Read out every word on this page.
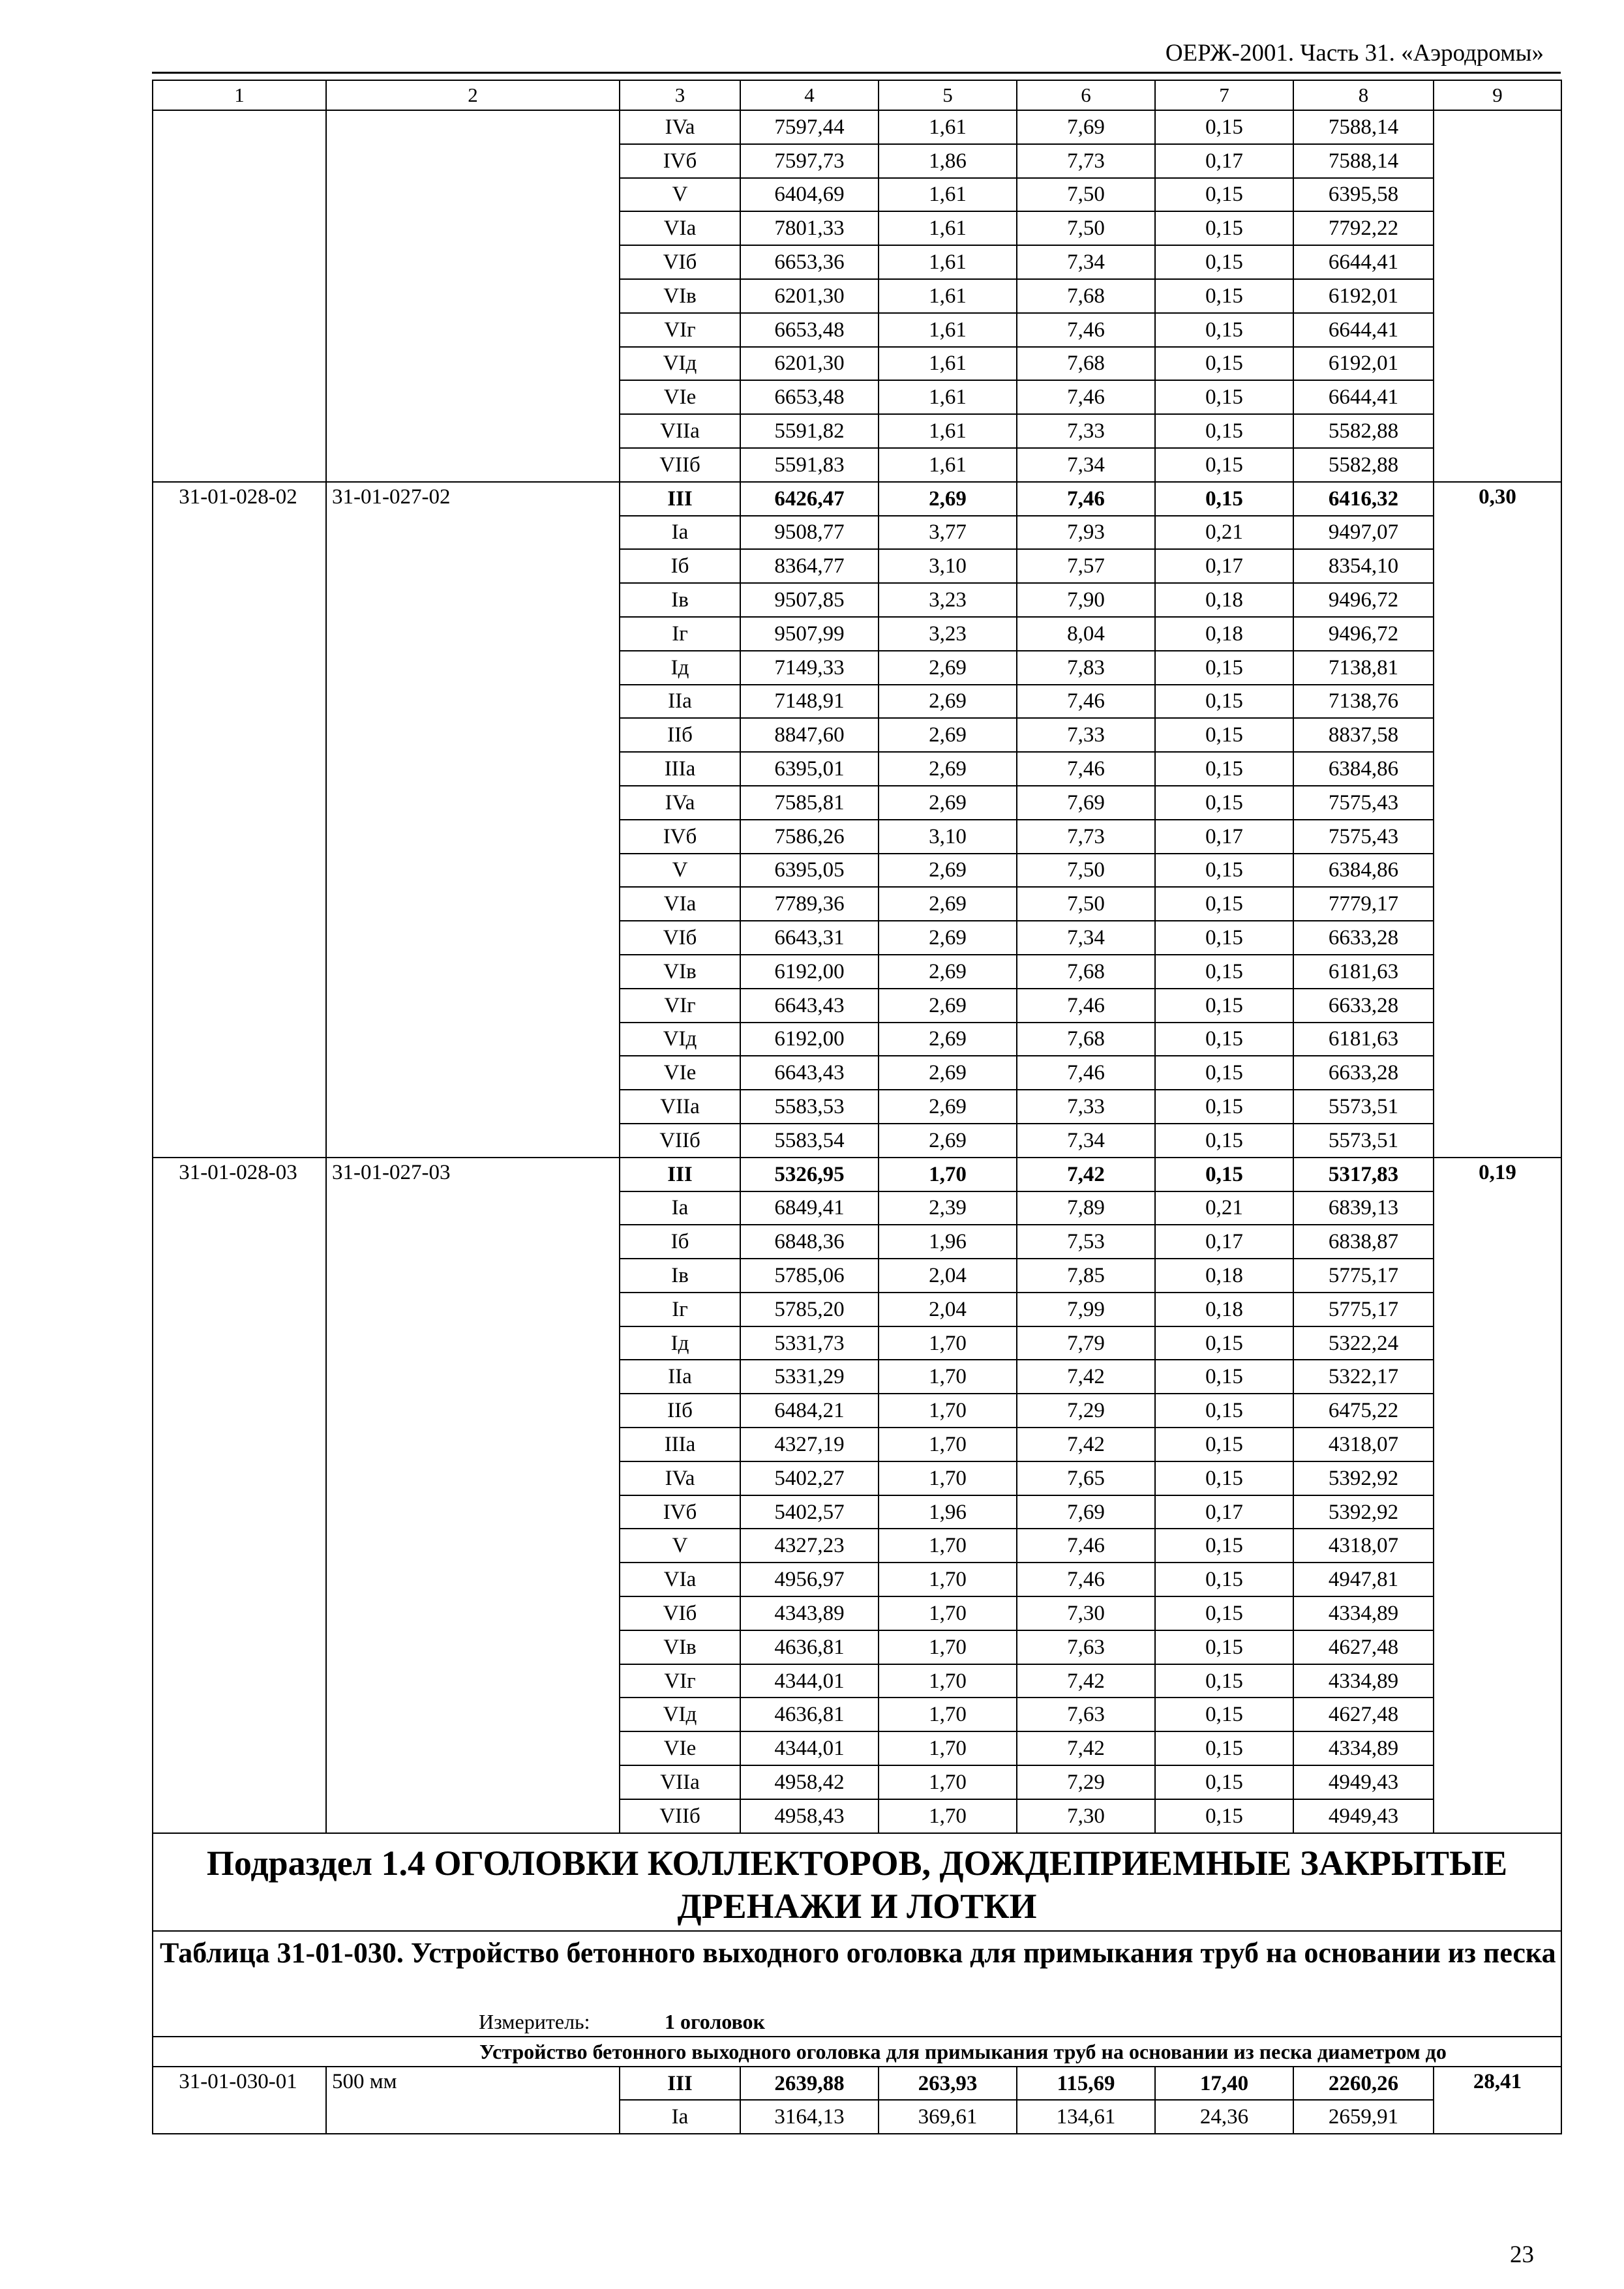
ОЕРЖ-2001. Часть 31. «Аэродромы»
1	2	3	4	5	6	7	8	9
		IVa	7597,44	1,61	7,69	0,15	7588,14	
		IVб	7597,73	1,86	7,73	0,17	7588,14	
		V	6404,69	1,61	7,50	0,15	6395,58	
		VIa	7801,33	1,61	7,50	0,15	7792,22	
		VIб	6653,36	1,61	7,34	0,15	6644,41	
		VIв	6201,30	1,61	7,68	0,15	6192,01	
		VIг	6653,48	1,61	7,46	0,15	6644,41	
		VIд	6201,30	1,61	7,68	0,15	6192,01	
		VIe	6653,48	1,61	7,46	0,15	6644,41	
		VIIa	5591,82	1,61	7,33	0,15	5582,88	
		VIIб	5591,83	1,61	7,34	0,15	5582,88	
31-01-028-02	31-01-027-02	III	6426,47	2,69	7,46	0,15	6416,32	0,30
		Ia	9508,77	3,77	7,93	0,21	9497,07	
		Iб	8364,77	3,10	7,57	0,17	8354,10	
		Iв	9507,85	3,23	7,90	0,18	9496,72	
		Iг	9507,99	3,23	8,04	0,18	9496,72	
		Iд	7149,33	2,69	7,83	0,15	7138,81	
		IIa	7148,91	2,69	7,46	0,15	7138,76	
		IIб	8847,60	2,69	7,33	0,15	8837,58	
		IIIa	6395,01	2,69	7,46	0,15	6384,86	
		IVa	7585,81	2,69	7,69	0,15	7575,43	
		IVб	7586,26	3,10	7,73	0,17	7575,43	
		V	6395,05	2,69	7,50	0,15	6384,86	
		VIa	7789,36	2,69	7,50	0,15	7779,17	
		VIб	6643,31	2,69	7,34	0,15	6633,28	
		VIв	6192,00	2,69	7,68	0,15	6181,63	
		VIг	6643,43	2,69	7,46	0,15	6633,28	
		VIд	6192,00	2,69	7,68	0,15	6181,63	
		VIe	6643,43	2,69	7,46	0,15	6633,28	
		VIIa	5583,53	2,69	7,33	0,15	5573,51	
		VIIб	5583,54	2,69	7,34	0,15	5573,51	
31-01-028-03	31-01-027-03	III	5326,95	1,70	7,42	0,15	5317,83	0,19
		Ia	6849,41	2,39	7,89	0,21	6839,13	
		Iб	6848,36	1,96	7,53	0,17	6838,87	
		Iв	5785,06	2,04	7,85	0,18	5775,17	
		Iг	5785,20	2,04	7,99	0,18	5775,17	
		Iд	5331,73	1,70	7,79	0,15	5322,24	
		IIa	5331,29	1,70	7,42	0,15	5322,17	
		IIб	6484,21	1,70	7,29	0,15	6475,22	
		IIIa	4327,19	1,70	7,42	0,15	4318,07	
		IVa	5402,27	1,70	7,65	0,15	5392,92	
		IVб	5402,57	1,96	7,69	0,17	5392,92	
		V	4327,23	1,70	7,46	0,15	4318,07	
		VIa	4956,97	1,70	7,46	0,15	4947,81	
		VIб	4343,89	1,70	7,30	0,15	4334,89	
		VIв	4636,81	1,70	7,63	0,15	4627,48	
		VIг	4344,01	1,70	7,42	0,15	4334,89	
		VIд	4636,81	1,70	7,63	0,15	4627,48	
		VIe	4344,01	1,70	7,42	0,15	4334,89	
		VIIa	4958,42	1,70	7,29	0,15	4949,43	
		VIIб	4958,43	1,70	7,30	0,15	4949,43	
Подраздел 1.4 ОГОЛОВКИ КОЛЛЕКТОРОВ, ДОЖДЕПРИЕМНЫЕ ЗАКРЫТЫЕ ДРЕНАЖИ И ЛОТКИ								
Таблица 31-01-030. Устройство бетонного выходного оголовка для примыкания труб на основании из песка								
Измеритель: 1 оголовок								
Устройство бетонного выходного оголовка для примыкания труб на основании из песка диаметром до								
31-01-030-01	500 мм	III	2639,88	263,93	115,69	17,40	2260,26	28,41
		Ia	3164,13	369,61	134,61	24,36	2659,91	
23
